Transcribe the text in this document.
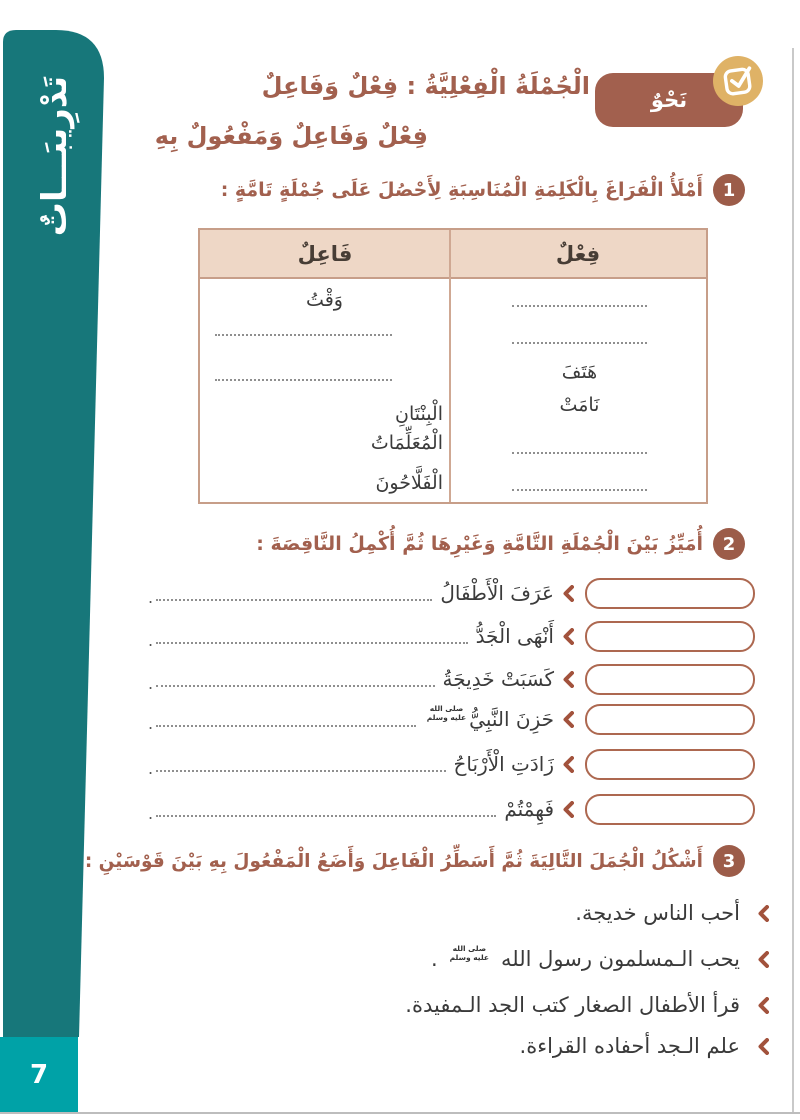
تَدْرِيبَـــاتٌ
7
نَحْوٌ
الْجُمْلَةُ الْفِعْلِيَّةُ : فِعْلٌ وَفَاعِلٌ
فِعْلٌ وَفَاعِلٌ وَمَفْعُولٌ بِهِ
1
أَمْلَأُ الْفَرَاغَ بِالْكَلِمَةِ الْمُنَاسِبَةِ لِأَحْصُلَ عَلَى جُمْلَةٍ تَامَّةٍ :
فِعْلٌ
فَاعِلٌ
وَقْتُ
الْبِنْتَانِ
الْمُعَلِّمَاتُ
الْفَلَّاحُونَ
هَتَفَ
نَامَتْ
2
أُمَيِّزُ بَيْنَ الْجُمْلَةِ التَّامَّةِ وَغَيْرِهَا ثُمَّ أُكْمِلُ النَّاقِصَةَ :
عَرَفَ الْأَطْفَالُ
.
أَنْهَى الْجَدُّ
.
كَسَبَتْ خَدِيجَةُ
.
حَزِنَ النَّبِيُّ
صلى الله
عليه وسلم
.
زَادَتِ الْأَرْبَاحُ
.
فَهِمْتُمْ
.
3
أَشْكُلُ الْجُمَلَ التَّالِيَةَ ثُمَّ أَسَطِّرُ الْفَاعِلَ وَأَضَعُ الْمَفْعُولَ بِهِ بَيْنَ قَوْسَيْنِ :
أحب الناس خديجة.
يحب الـمسلمون رسول الله
صلى الله
عليه وسلم
.
قرأ الأطفال الصغار كتب الجد الـمفيدة.
علم الـجد أحفاده القراءة.
